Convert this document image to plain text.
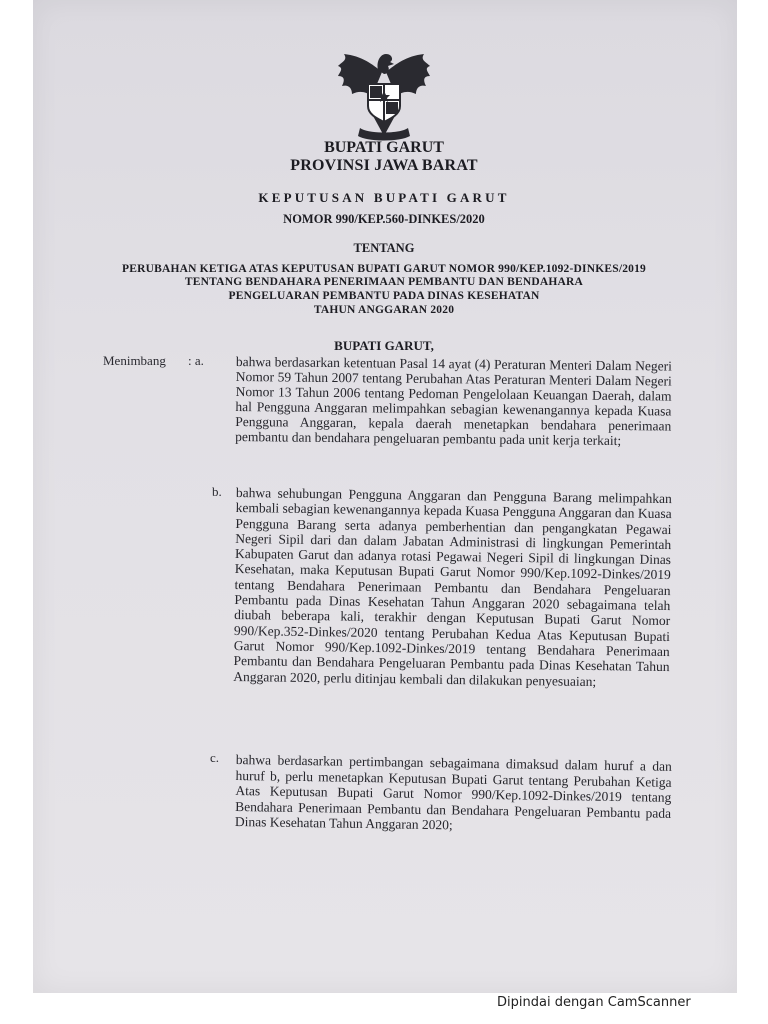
BUPATI GARUT
PROVINSI JAWA BARAT
KEPUTUSAN BUPATI GARUT
NOMOR 990/KEP.560-DINKES/2020
TENTANG
PERUBAHAN KETIGA ATAS KEPUTUSAN BUPATI GARUT NOMOR 990/KEP.1092-DINKES/2019
TENTANG BENDAHARA PENERIMAAN PEMBANTU DAN BENDAHARA
PENGELUARAN PEMBANTU PADA DINAS KESEHATAN
TAHUN ANGGARAN 2020
BUPATI GARUT,
Menimbang : a. bahwa berdasarkan ketentuan Pasal 14 ayat (4) Peraturan Menteri Dalam Negeri Nomor 59 Tahun 2007 tentang Perubahan Atas Peraturan Menteri Dalam Negeri Nomor 13 Tahun 2006 tentang Pedoman Pengelolaan Keuangan Daerah, dalam hal Pengguna Anggaran melimpahkan sebagian kewenangannya kepada Kuasa Pengguna Anggaran, kepala daerah menetapkan bendahara penerimaan pembantu dan bendahara pengeluaran pembantu pada unit kerja terkait;
b. bahwa sehubungan Pengguna Anggaran dan Pengguna Barang melimpahkan kembali sebagian kewenangannya kepada Kuasa Pengguna Anggaran dan Kuasa Pengguna Barang serta adanya pemberhentian dan pengangkatan Pegawai Negeri Sipil dari dan dalam Jabatan Administrasi di lingkungan Pemerintah Kabupaten Garut dan adanya rotasi Pegawai Negeri Sipil di lingkungan Dinas Kesehatan, maka Keputusan Bupati Garut Nomor 990/Kep.1092-Dinkes/2019 tentang Bendahara Penerimaan Pembantu dan Bendahara Pengeluaran Pembantu pada Dinas Kesehatan Tahun Anggaran 2020 sebagaimana telah diubah beberapa kali, terakhir dengan Keputusan Bupati Garut Nomor 990/Kep.352-Dinkes/2020 tentang Perubahan Kedua Atas Keputusan Bupati Garut Nomor 990/Kep.1092-Dinkes/2019 tentang Bendahara Penerimaan Pembantu dan Bendahara Pengeluaran Pembantu pada Dinas Kesehatan Tahun Anggaran 2020, perlu ditinjau kembali dan dilakukan penyesuaian;
c. bahwa berdasarkan pertimbangan sebagaimana dimaksud dalam huruf a dan huruf b, perlu menetapkan Keputusan Bupati Garut tentang Perubahan Ketiga Atas Keputusan Bupati Garut Nomor 990/Kep.1092-Dinkes/2019 tentang Bendahara Penerimaan Pembantu dan Bendahara Pengeluaran Pembantu pada Dinas Kesehatan Tahun Anggaran 2020;
Dipindai dengan CamScanner
